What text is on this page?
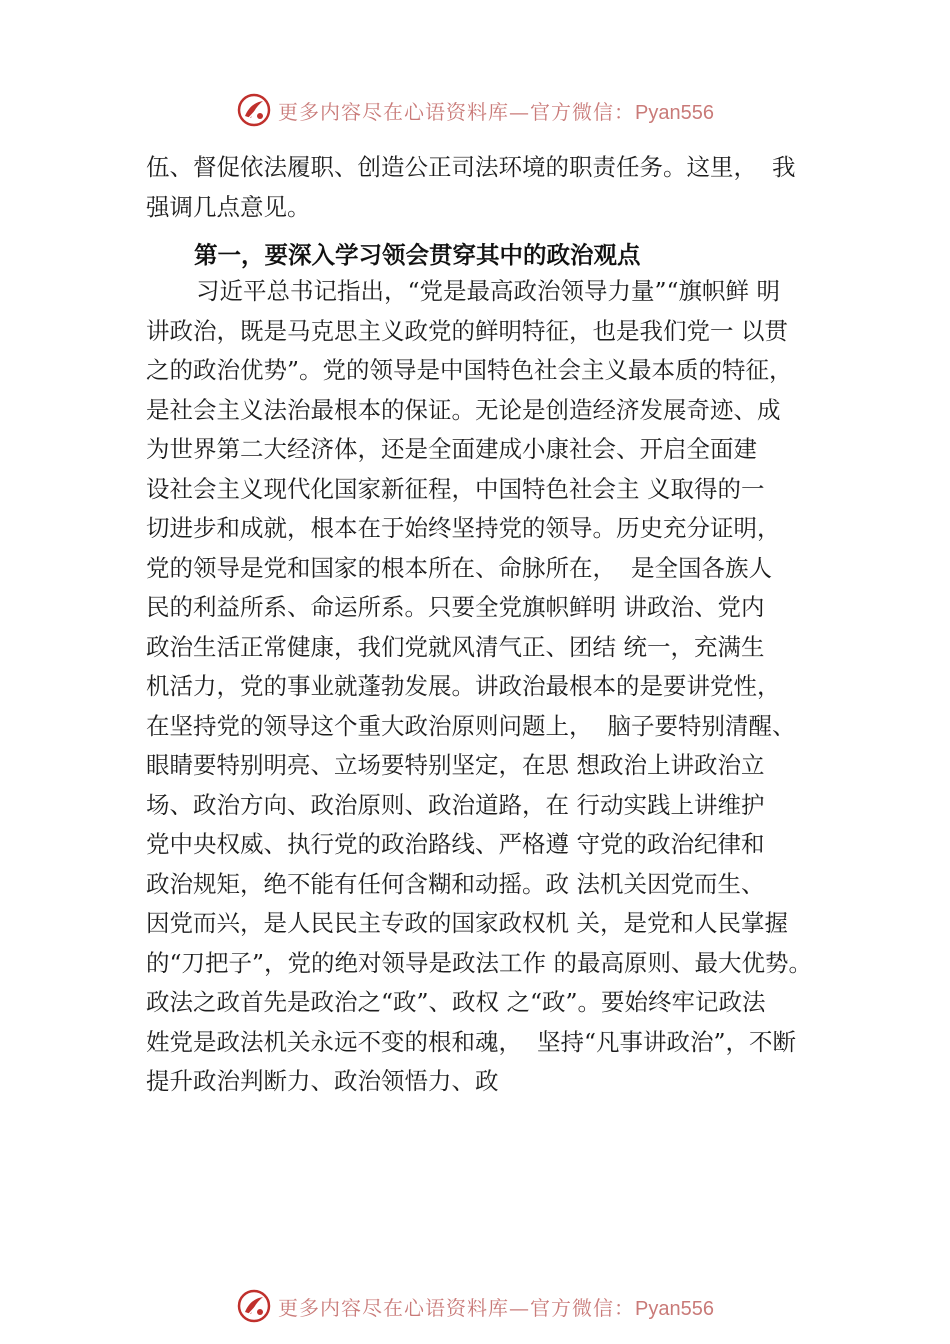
更多内容尽在心语资料库—官方微信：Pyan556
伍、督促依法履职、创造公正司法环境的职责任务。这里，  我
强调几点意见。
第一，要深入学习领会贯穿其中的政治观点
习近平总书记指出，“党是最高政治领导力量”“旗帜鲜 明
讲政治，既是马克思主义政党的鲜明特征，也是我们党一 以贯
之的政治优势”。党的领导是中国特色社会主义最本质的特征，
是社会主义法治最根本的保证。无论是创造经济发展奇迹、成
为世界第二大经济体，还是全面建成小康社会、开启全面建
设社会主义现代化国家新征程，中国特色社会主 义取得的一
切进步和成就，根本在于始终坚持党的领导。历史充分证明，
党的领导是党和国家的根本所在、命脉所在，  是全国各族人
民的利益所系、命运所系。只要全党旗帜鲜明 讲政治、党内
政治生活正常健康，我们党就风清气正、团结 统一，充满生
机活力，党的事业就蓬勃发展。讲政治最根本的是要讲党性，
在坚持党的领导这个重大政治原则问题上，  脑子要特别清醒、
眼睛要特别明亮、立场要特别坚定，在思 想政治上讲政治立
场、政治方向、政治原则、政治道路，在 行动实践上讲维护
党中央权威、执行党的政治路线、严格遵 守党的政治纪律和
政治规矩，绝不能有任何含糊和动摇。政 法机关因党而生、
因党而兴，是人民民主专政的国家政权机 关，是党和人民掌握
的“刀把子”，党的绝对领导是政法工作 的最高原则、最大优势。
政法之政首先是政治之“政”、政权 之“政”。要始终牢记政法
姓党是政法机关永远不变的根和魂，  坚持“凡事讲政治”，不断
提升政治判断力、政治领悟力、政
更多内容尽在心语资料库—官方微信：Pyan556
